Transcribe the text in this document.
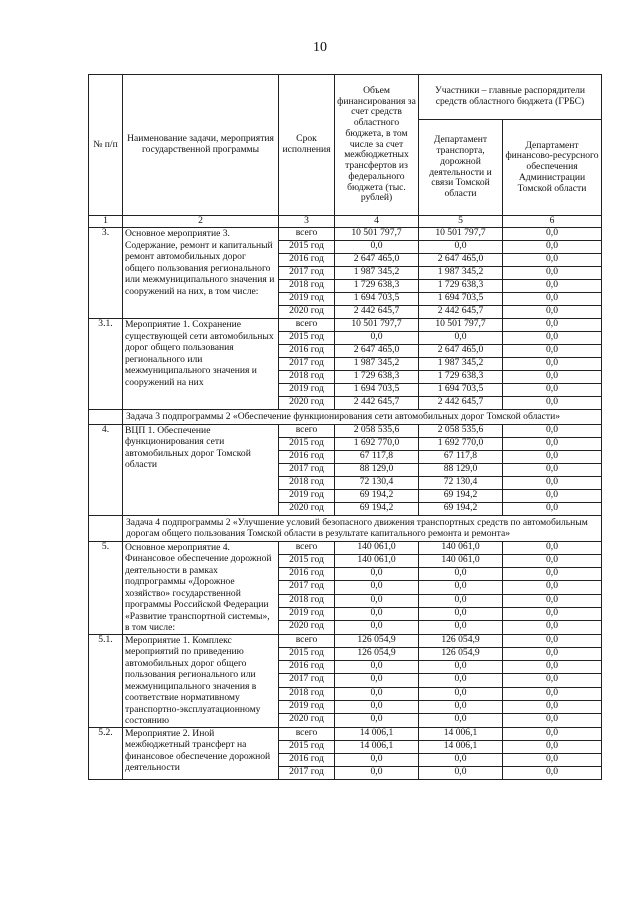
10
№ п/п	Наименование задачи, мероприятия государственной программы	Срок исполнения	Объем финансирования за счет средств областного бюджета, в том числе за счет межбюджетных трансфертов из федерального бюджета (тыс. рублей)	Участники – главные распорядители средств областного бюджета (ГРБС)	
				Департамент транспорта, дорожной деятельности и связи Томской области	Департамент финансово-ресурсного обеспечения Администрации Томской области
1	2	3	4	5	6
3.	Основное мероприятие 3. Содержание, ремонт и капитальный ремонт автомобильных дорог общего пользования регионального или межмуниципального значения и сооружений на них, в том числе:	всего	10 501 797,7	10 501 797,7	0,0
		2015 год	0,0	0,0	0,0
		2016 год	2 647 465,0	2 647 465,0	0,0
		2017 год	1 987 345,2	1 987 345,2	0,0
		2018 год	1 729 638,3	1 729 638,3	0,0
		2019 год	1 694 703,5	1 694 703,5	0,0
		2020 год	2 442 645,7	2 442 645,7	0,0
3.1.	Мероприятие 1. Сохранение существующей сети автомобильных дорог общего пользования регионального или межмуниципального значения и сооружений на них	всего	10 501 797,7	10 501 797,7	0,0
		2015 год	0,0	0,0	0,0
		2016 год	2 647 465,0	2 647 465,0	0,0
		2017 год	1 987 345,2	1 987 345,2	0,0
		2018 год	1 729 638,3	1 729 638,3	0,0
		2019 год	1 694 703,5	1 694 703,5	0,0
		2020 год	2 442 645,7	2 442 645,7	0,0
	Задача 3 подпрограммы 2 «Обеспечение функционирования сети автомобильных дорог Томской области»				
4.	ВЦП 1. Обеспечение функционирования сети автомобильных дорог Томской области	всего	2 058 535,6	2 058 535,6	0,0
		2015 год	1 692 770,0	1 692 770,0	0,0
		2016 год	67 117,8	67 117,8	0,0
		2017 год	88 129,0	88 129,0	0,0
		2018 год	72 130,4	72 130,4	0,0
		2019 год	69 194,2	69 194,2	0,0
		2020 год	69 194,2	69 194,2	0,0
	Задача 4 подпрограммы 2 «Улучшение условий безопасного движения транспортных средств по автомобильным дорогам общего пользования Томской области в результате капитального ремонта и ремонта»				
5.	Основное мероприятие 4. Финансовое обеспечение дорожной деятельности в рамках подпрограммы «Дорожное хозяйство» государственной программы Российской Федерации «Развитие транспортной системы», в том числе:	всего	140 061,0	140 061,0	0,0
		2015 год	140 061,0	140 061,0	0,0
		2016 год	0,0	0,0	0,0
		2017 год	0,0	0,0	0,0
		2018 год	0,0	0,0	0,0
		2019 год	0,0	0,0	0,0
		2020 год	0,0	0,0	0,0
5.1.	Мероприятие 1. Комплекс мероприятий по приведению автомобильных дорог общего пользования регионального или межмуниципального значения в соответствие нормативному транспортно-эксплуатационному состоянию	всего	126 054,9	126 054,9	0,0
		2015 год	126 054,9	126 054,9	0,0
		2016 год	0,0	0,0	0,0
		2017 год	0,0	0,0	0,0
		2018 год	0,0	0,0	0,0
		2019 год	0,0	0,0	0,0
		2020 год	0,0	0,0	0,0
5.2.	Мероприятие 2. Иной межбюджетный трансферт на финансовое обеспечение дорожной деятельности	всего	14 006,1	14 006,1	0,0
		2015 год	14 006,1	14 006,1	0,0
		2016 год	0,0	0,0	0,0
		2017 год	0,0	0,0	0,0
